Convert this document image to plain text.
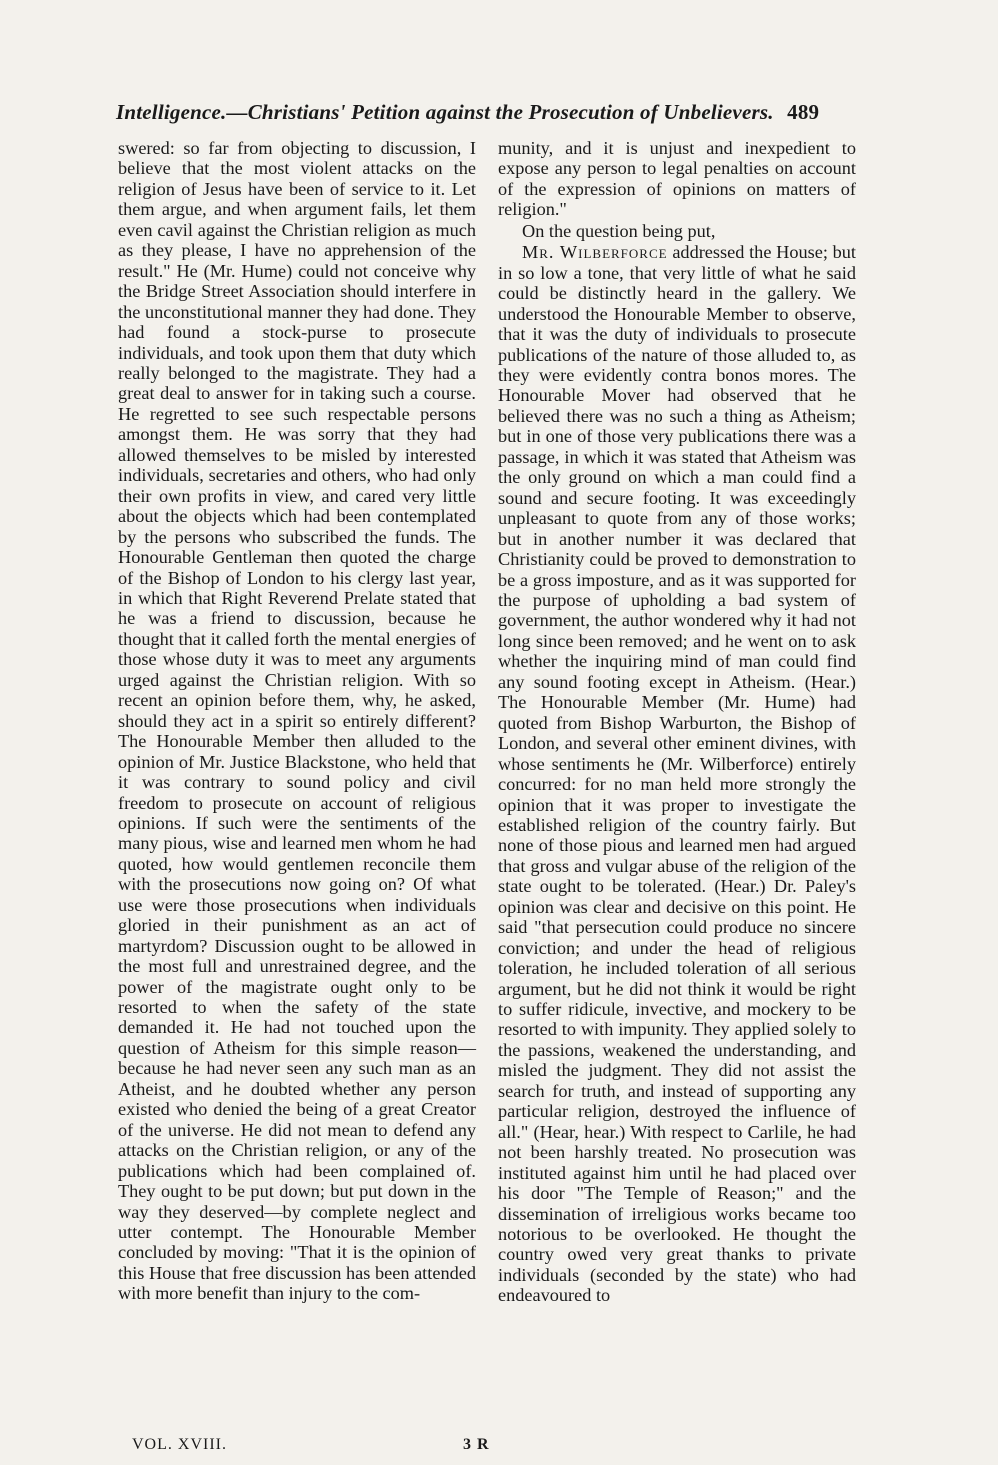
Intelligence.—Christians' Petition against the Prosecution of Unbelievers. 489

swered: so far from objecting to discussion, I believe that the most violent attacks on the religion of Jesus have been of service to it. Let them argue, and when argument fails, let them even cavil against the Christian religion as much as they please, I have no apprehension of the result." He (Mr. Hume) could not conceive why the Bridge Street Association should interfere in the unconstitutional manner they had done. They had found a stock-purse to prosecute individuals, and took upon them that duty which really belonged to the magistrate. They had a great deal to answer for in taking such a course. He regretted to see such respectable persons amongst them. He was sorry that they had allowed themselves to be misled by interested individuals, secretaries and others, who had only their own profits in view, and cared very little about the objects which had been contemplated by the persons who subscribed the funds. The Honourable Gentleman then quoted the charge of the Bishop of London to his clergy last year, in which that Right Reverend Prelate stated that he was a friend to discussion, because he thought that it called forth the mental energies of those whose duty it was to meet any arguments urged against the Christian religion. With so recent an opinion before them, why, he asked, should they act in a spirit so entirely different? The Honourable Member then alluded to the opinion of Mr. Justice Blackstone, who held that it was contrary to sound policy and civil freedom to prosecute on account of religious opinions. If such were the sentiments of the many pious, wise and learned men whom he had quoted, how would gentlemen reconcile them with the prosecutions now going on? Of what use were those prosecutions when individuals gloried in their punishment as an act of martyrdom? Discussion ought to be allowed in the most full and unrestrained degree, and the power of the magistrate ought only to be resorted to when the safety of the state demanded it. He had not touched upon the question of Atheism for this simple reason—because he had never seen any such man as an Atheist, and he doubted whether any person existed who denied the being of a great Creator of the universe. He did not mean to defend any attacks on the Christian religion, or any of the publications which had been complained of. They ought to be put down; but put down in the way they deserved—by complete neglect and utter contempt. The Honourable Member concluded by moving: "That it is the opinion of this House that free discussion has been attended with more benefit than injury to the com-

munity, and it is unjust and inexpedient to expose any person to legal penalties on account of the expression of opinions on matters of religion."

On the question being put,

Mr. Wilberforce addressed the House; but in so low a tone, that very little of what he said could be distinctly heard in the gallery. We understood the Honourable Member to observe, that it was the duty of individuals to prosecute publications of the nature of those alluded to, as they were evidently contra bonos mores. The Honourable Mover had observed that he believed there was no such a thing as Atheism; but in one of those very publications there was a passage, in which it was stated that Atheism was the only ground on which a man could find a sound and secure footing. It was exceedingly unpleasant to quote from any of those works; but in another number it was declared that Christianity could be proved to demonstration to be a gross imposture, and as it was supported for the purpose of upholding a bad system of government, the author wondered why it had not long since been removed; and he went on to ask whether the inquiring mind of man could find any sound footing except in Atheism. (Hear.) The Honourable Member (Mr. Hume) had quoted from Bishop Warburton, the Bishop of London, and several other eminent divines, with whose sentiments he (Mr. Wilberforce) entirely concurred: for no man held more strongly the opinion that it was proper to investigate the established religion of the country fairly. But none of those pious and learned men had argued that gross and vulgar abuse of the religion of the state ought to be tolerated. (Hear.) Dr. Paley's opinion was clear and decisive on this point. He said "that persecution could produce no sincere conviction; and under the head of religious toleration, he included toleration of all serious argument, but he did not think it would be right to suffer ridicule, invective, and mockery to be resorted to with impunity. They applied solely to the passions, weakened the understanding, and misled the judgment. They did not assist the search for truth, and instead of supporting any particular religion, destroyed the influence of all." (Hear, hear.) With respect to Carlile, he had not been harshly treated. No prosecution was instituted against him until he had placed over his door "The Temple of Reason;" and the dissemination of irreligious works became too notorious to be overlooked. He thought the country owed very great thanks to private individuals (seconded by the state) who had endeavoured to

VOL. XVIII.	3 R
